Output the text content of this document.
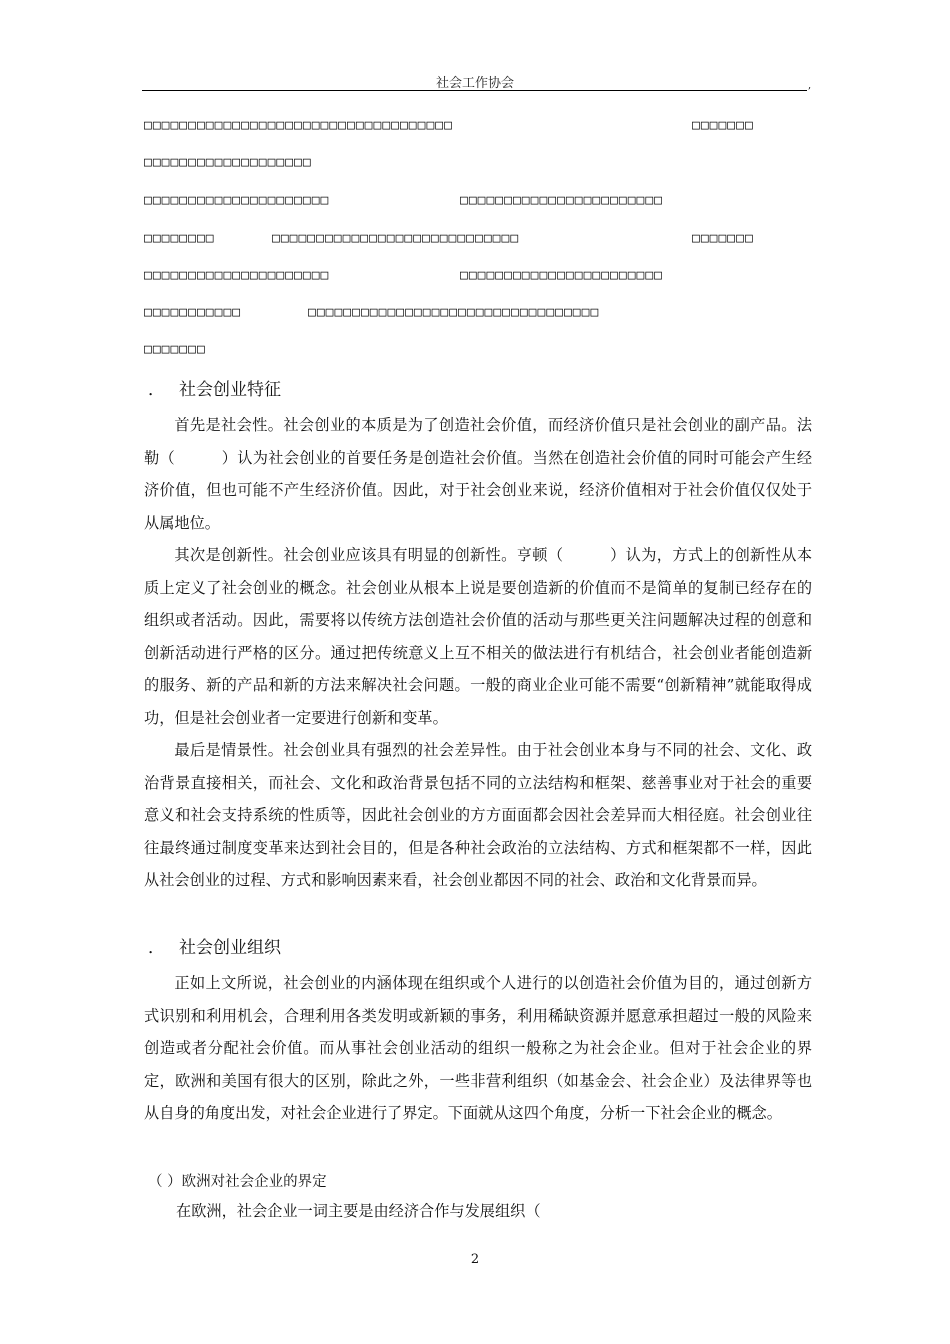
社会工作协会	,
□□□□□□□□□□□□□□□□□□□□□□□□□□□□□□□□□□□	□□□□□□□
□□□□□□□□□□□□□□□□□□□
□□□□□□□□□□□□□□□□□□□□□	□□□□□□□□□□□□□□□□□□□□□□□
□□□□□□□□	□□□□□□□□□□□□□□□□□□□□□□□□□□□□	□□□□□□□
□□□□□□□□□□□□□□□□□□□□□	□□□□□□□□□□□□□□□□□□□□□□□
□□□□□□□□□□□	□□□□□□□□□□□□□□□□□□□□□□□□□□□□□□□□□
□□□□□□□
． 社会创业特征
首先是社会性。社会创业的本质是为了创造社会价值，而经济价值只是社会创业的副产品。法勒（　　　）认为社会创业的首要任务是创造社会价值。当然在创造社会价值的同时可能会产生经济价值，但也可能不产生经济价值。因此，对于社会创业来说，经济价值相对于社会价值仅仅处于从属地位。
其次是创新性。社会创业应该具有明显的创新性。亨顿（　　　）认为，方式上的创新性从本质上定义了社会创业的概念。社会创业从根本上说是要创造新的价值而不是简单的复制已经存在的组织或者活动。因此，需要将以传统方法创造社会价值的活动与那些更关注问题解决过程的创意和创新活动进行严格的区分。通过把传统意义上互不相关的做法进行有机结合，社会创业者能创造新的服务、新的产品和新的方法来解决社会问题。一般的商业企业可能不需要“创新精神”就能取得成功，但是社会创业者一定要进行创新和变革。
最后是情景性。社会创业具有强烈的社会差异性。由于社会创业本身与不同的社会、文化、政治背景直接相关，而社会、文化和政治背景包括不同的立法结构和框架、慈善事业对于社会的重要意义和社会支持系统的性质等，因此社会创业的方方面面都会因社会差异而大相径庭。社会创业往往最终通过制度变革来达到社会目的，但是各种社会政治的立法结构、方式和框架都不一样，因此从社会创业的过程、方式和影响因素来看，社会创业都因不同的社会、政治和文化背景而异。
． 社会创业组织
正如上文所说，社会创业的内涵体现在组织或个人进行的以创造社会价值为目的，通过创新方式识别和利用机会，合理利用各类发明或新颖的事务，利用稀缺资源并愿意承担超过一般的风险来创造或者分配社会价值。而从事社会创业活动的组织一般称之为社会企业。但对于社会企业的界定，欧洲和美国有很大的区别，除此之外，一些非营利组织（如基金会、社会企业）及法律界等也从自身的角度出发，对社会企业进行了界定。下面就从这四个角度，分析一下社会企业的概念。
（ ）欧洲对社会企业的界定
在欧洲，社会企业一词主要是由经济合作与发展组织（
2
